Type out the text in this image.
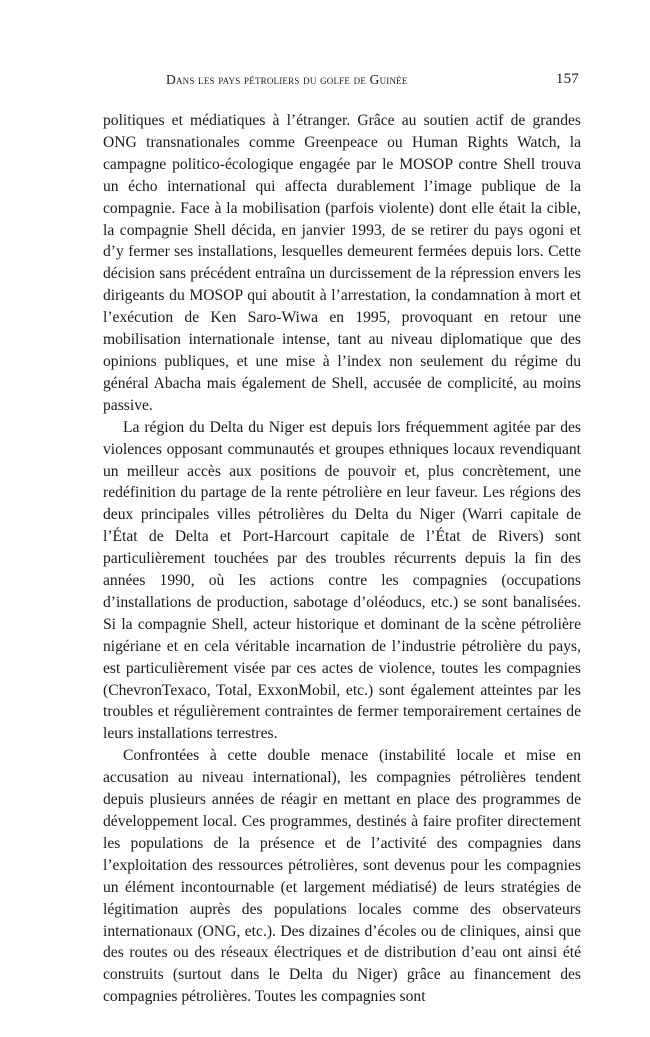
Dans les pays pétroliers du golfe de Guinée	157

politiques et médiatiques à l’étranger. Grâce au soutien actif de grandes ONG transnationales comme Greenpeace ou Human Rights Watch, la campagne politico-écologique engagée par le MOSOP contre Shell trouva un écho international qui affecta durablement l’image publique de la compagnie. Face à la mobilisation (parfois violente) dont elle était la cible, la compagnie Shell décida, en janvier 1993, de se retirer du pays ogoni et d’y fermer ses installations, lesquelles demeurent fermées depuis lors. Cette décision sans précédent entraîna un durcissement de la répression envers les dirigeants du MOSOP qui aboutit à l’arrestation, la condamnation à mort et l’exécution de Ken Saro-Wiwa en 1995, provoquant en retour une mobilisation internationale intense, tant au niveau diplomatique que des opinions publiques, et une mise à l’index non seulement du régime du général Abacha mais également de Shell, accusée de complicité, au moins passive.

La région du Delta du Niger est depuis lors fréquemment agitée par des violences opposant communautés et groupes ethniques locaux revendiquant un meilleur accès aux positions de pouvoir et, plus concrètement, une redéfinition du partage de la rente pétrolière en leur faveur. Les régions des deux principales villes pétrolières du Delta du Niger (Warri capitale de l’État de Delta et Port-Harcourt capitale de l’État de Rivers) sont particulièrement touchées par des troubles récurrents depuis la fin des années 1990, où les actions contre les compagnies (occupations d’installations de production, sabotage d’oléoducs, etc.) se sont banalisées. Si la compagnie Shell, acteur historique et dominant de la scène pétrolière nigériane et en cela véritable incarnation de l’industrie pétrolière du pays, est particulièrement visée par ces actes de violence, toutes les compagnies (ChevronTexaco, Total, ExxonMobil, etc.) sont également atteintes par les troubles et régulièrement contraintes de fermer temporairement certaines de leurs installations terrestres.

Confrontées à cette double menace (instabilité locale et mise en accusation au niveau international), les compagnies pétrolières tendent depuis plusieurs années de réagir en mettant en place des programmes de développement local. Ces programmes, destinés à faire profiter directement les populations de la présence et de l’activité des compagnies dans l’exploitation des ressources pétrolières, sont devenus pour les compagnies un élément incontournable (et largement médiatisé) de leurs stratégies de légitimation auprès des populations locales comme des observateurs internationaux (ONG, etc.). Des dizaines d’écoles ou de cliniques, ainsi que des routes ou des réseaux électriques et de distribution d’eau ont ainsi été construits (surtout dans le Delta du Niger) grâce au financement des compagnies pétrolières. Toutes les compagnies sont
